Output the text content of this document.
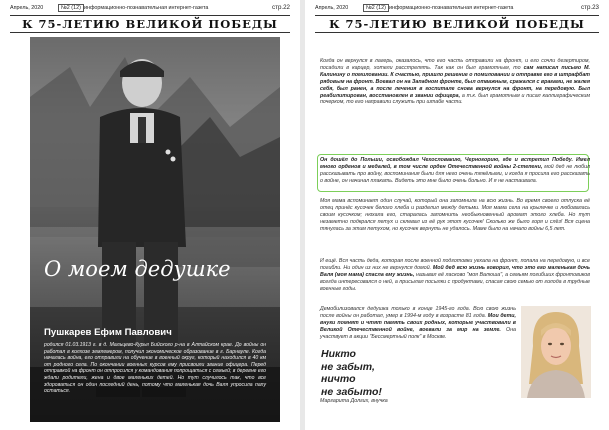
Апрель, 2020	№2 (12) информационно-познавательная интернет-газета	стр.22
К 75-ЛЕТИЮ ВЕЛИКОЙ ПОБЕДЫ
О моем дедушке
Пушкарев Ефим Павлович
родился 01.03.1913 г. в д. Мальцево-Курья Бийского р-на в Алтайском крае. До войны он работал в колхозе землемером, получил экономическое образование в г. Барнауле. Когда началась война, его отправили на обучение в военный округ, который находился в 40 км от родного села. По окончании военных курсов ему присвоили звание офицера. Перед отправкой на фронт он отпросился у командования попрощаться с семьей; в деревне его ждали родители, жена и двое маленьких детей. Но тут случилось так, что все здороваться он один последний день, потому что маленькая дочь Валя упросила папу остаться.
Апрель, 2020	№2 (12) информационно-познавательная интернет-газета	стр.23
К 75-ЛЕТИЮ ВЕЛИКОЙ ПОБЕДЫ

Когда он вернулся в лагерь, оказалось, что его часть отправили на фронт, и его сочли дезертиром, посадили в карцер, хотели расстрелять. Так как он был грамотным, то сам написал письмо М. Калинину о помиловании. К счастью, пришло решение о помиловании и отправке его в штрафбат рядовым на фронт. Воевал он на Западном фронте, был отважным, сражался с врагами, не жалея себя, был ранен, а после лечения в госпитале снова вернулся на фронт, на передовую. Был реабилитирован, восстановлен в звании офицера, а т.к. был грамотным и писал каллиграфическим почерком, то его направили служить при штабе части.

Он дошёл до Польши, освобождал Чехословакию, Черногорию, где и встретил Победу. Имел много орденов и медалей, в том числе орден Отечественной войны 2-степени, мой дед не любил рассказывать про войну, воспоминания были для него очень тяжёлыми, и когда я просила его рассказать о войне, он начинал плакать. Видеть это мне было очень больно. И я не настаивала.

Моя мама вспоминает один случай, который она запомнила на всю жизнь. Во время своего отпуска её отец принёс кусочек белого хлеба и разделил между детьми. Моя мама села на крылечке и любовалась своим кусочком; нюхала его, старалась запомнить необыкновенный аромат этого хлеба. Но тут незаметно подкрался петух и склевал из её рук этот кусочек! Сколько же было горя и слёз! Вся сцена тянулась за этим петухом, но кусочек вернуть не удалось. Маме было на начало войны 6,5 лет.

И ещё. Вся часть деда, которая после военной подготовки уехала на фронт, попала на передовую, и все погибли. Ни один из них не вернулся домой. Мой дед всю жизнь говорил, что это его маленькая дочь Валя (моя мама) спасла ему жизнь, называл её ласково "моя Валюша", а семьям погибших фронтовиков всегда интересовался о ней, а присылал посылки с продуктами, спасая свою семью от голода в трудные военные годы.

Демобилизовался дедушка только в конце 1945-го года. Всю свою жизнь после войны он работал, умер в 1994-м году в возрасте 81 года. Мои дети, внуки помнят и чтят память своих родных, которые участвовали в Великой Отечественной войне, воевали за мир на земле. Она участвует в акции "Бессмертный полк" в Москве.

Никто
не забыт,
ничто
не забыто!
Маргарита Долгих, внучка
